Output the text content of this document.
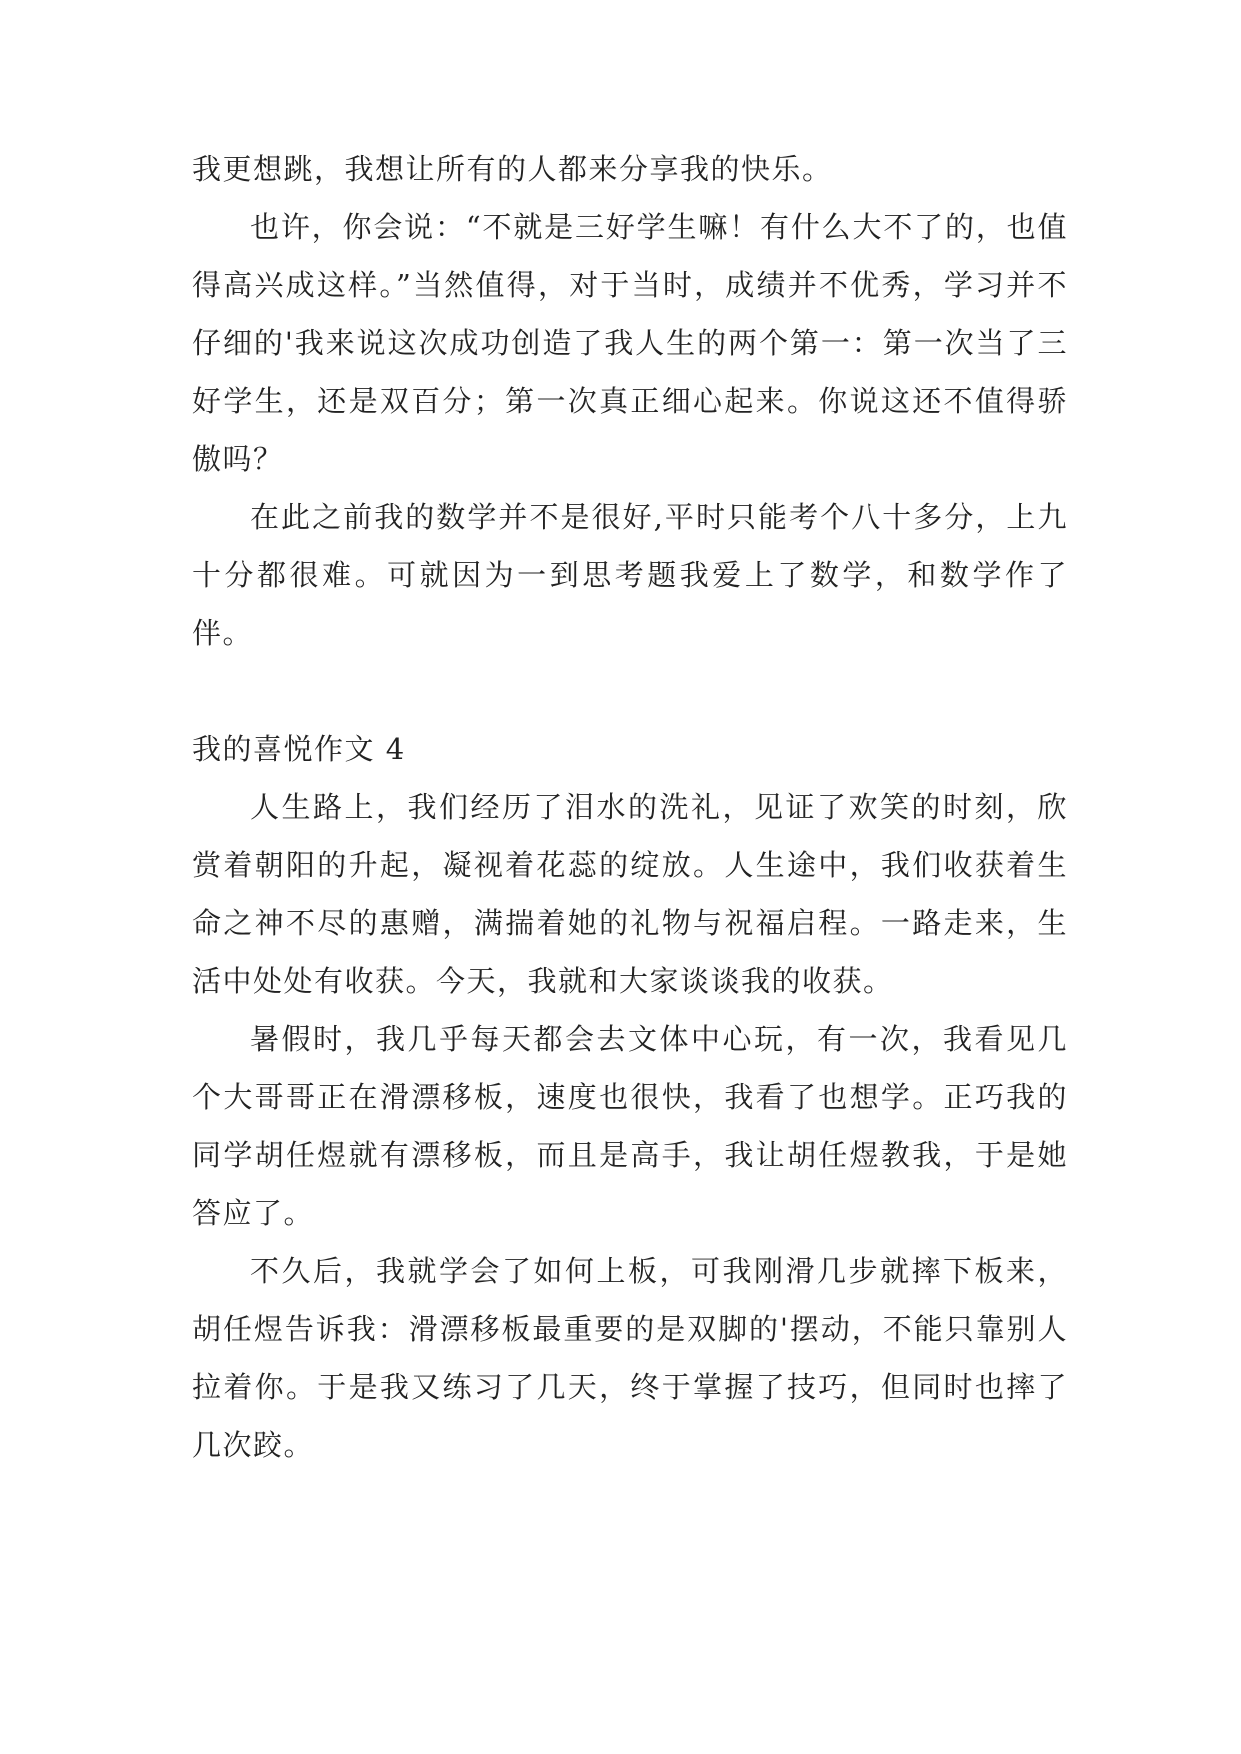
我更想跳，我想让所有的人都来分享我的快乐。

也许，你会说：“不就是三好学生嘛！有什么大不了的，也值得高兴成这样。”当然值得，对于当时，成绩并不优秀，学习并不仔细的'我来说这次成功创造了我人生的两个第一：第一次当了三好学生，还是双百分；第一次真正细心起来。你说这还不值得骄傲吗？

在此之前我的数学并不是很好,平时只能考个八十多分，上九十分都很难。可就因为一到思考题我爱上了数学，和数学作了伴。

我的喜悦作文 4

人生路上，我们经历了泪水的洗礼，见证了欢笑的时刻，欣赏着朝阳的升起，凝视着花蕊的绽放。人生途中，我们收获着生命之神不尽的惠赠，满揣着她的礼物与祝福启程。一路走来，生活中处处有收获。今天，我就和大家谈谈我的收获。

暑假时，我几乎每天都会去文体中心玩，有一次，我看见几个大哥哥正在滑漂移板，速度也很快，我看了也想学。正巧我的同学胡任煜就有漂移板，而且是高手，我让胡任煜教我，于是她答应了。

不久后，我就学会了如何上板，可我刚滑几步就摔下板来，胡任煜告诉我：滑漂移板最重要的是双脚的'摆动，不能只靠别人拉着你。于是我又练习了几天，终于掌握了技巧，但同时也摔了几次跤。
